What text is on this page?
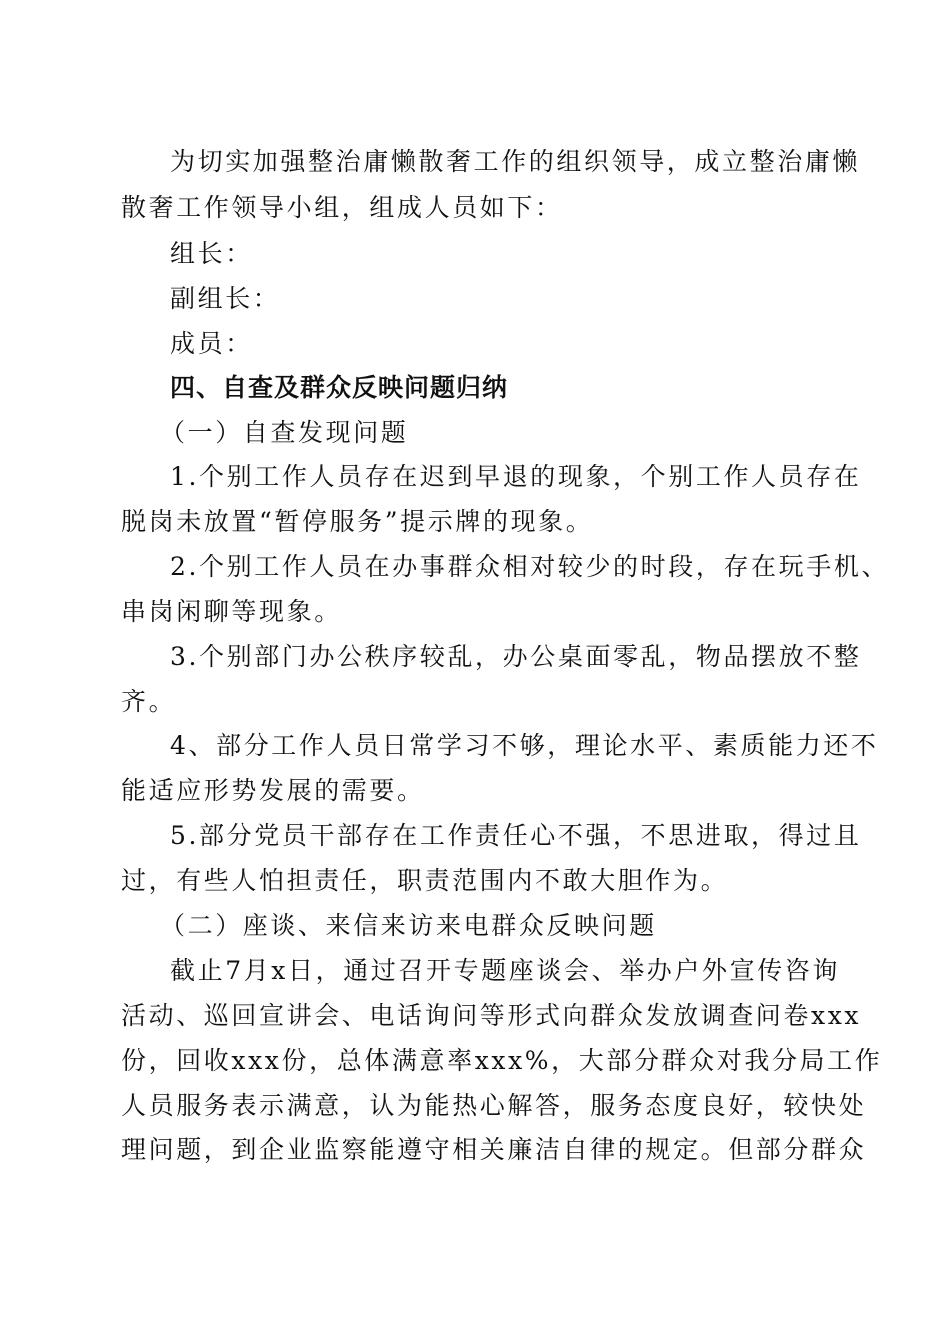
为切实加强整治庸懒散奢工作的组织领导，成立整治庸懒
散奢工作领导小组，组成人员如下：
组长：
副组长：
成员：
四、自查及群众反映问题归纳
（一）自查发现问题
1.个别工作人员存在迟到早退的现象，个别工作人员存在
脱岗未放置“暂停服务”提示牌的现象。
2.个别工作人员在办事群众相对较少的时段，存在玩手机、
串岗闲聊等现象。
3.个别部门办公秩序较乱，办公桌面零乱，物品摆放不整
齐。
4、部分工作人员日常学习不够，理论水平、素质能力还不
能适应形势发展的需要。
5.部分党员干部存在工作责任心不强，不思进取，得过且
过，有些人怕担责任，职责范围内不敢大胆作为。
（二）座谈、来信来访来电群众反映问题
截止7月x日，通过召开专题座谈会、举办户外宣传咨询
活动、巡回宣讲会、电话询问等形式向群众发放调查问卷xxx
份，回收xxx份，总体满意率xxx%，大部分群众对我分局工作
人员服务表示满意，认为能热心解答，服务态度良好，较快处
理问题，到企业监察能遵守相关廉洁自律的规定。但部分群众
